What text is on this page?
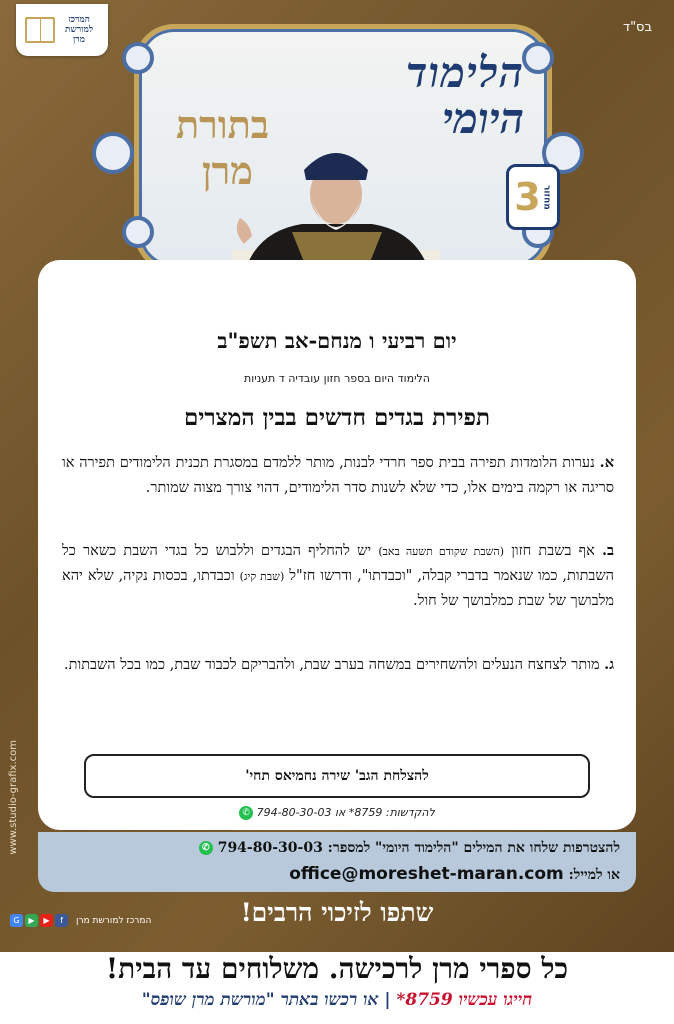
בס"ד
המרכז למורשת מרן
הלימוד
היומי
בתורת
מרן
3 מחזור
יום רביעי ו מנחם-אב תשפ"ב
הלימוד היום בספר חזון עובדיה ד תעניות
תפירת בגדים חדשים בבין המצרים
א. נערות הלומדות תפירה בבית ספר חרדי לבנות, מותר ללמדם במסגרת תכנית הלימודים תפירה או סריגה או רקמה בימים אלו, כדי שלא לשנות סדר הלימודים, דהוי צורך מצוה שמותר.
ב. אף בשבת חזון (השבת שקודם תשעה באב) יש להחליף הבגדים וללבוש כל בגדי השבת כשאר כל השבתות, כמו שנאמר בדברי קבלה, "וכבדתו", ודרשו חז"ל (שבת קיג) וכבדתו, בכסות נקיה, שלא יהא מלבושך של שבת כמלבושך של חול.
ג. מותר לצחצח הנעלים ולהשחירים במשחה בערב שבת, ולהבריקם לכבוד שבת, כמו בכל השבתות.
להצלחת הגב' שירה נחמיאס תחי'
להקדשות: 8759* או 794-80-30-03 ✆
להצטרפות שלחו את המילים "הלימוד היומי" למספר: 794-80-30-03 ✆
או למייל: office@moreshet-maran.com
www.studio-grafix.com
שתפו לזיכוי הרבים!
G	▶	▶	f	המרכז למורשת מרן
כל ספרי מרן לרכישה. משלוחים עד הבית!
חייגו עכשיו 8759* | או רכשו באתר "מורשת מרן שופס"
